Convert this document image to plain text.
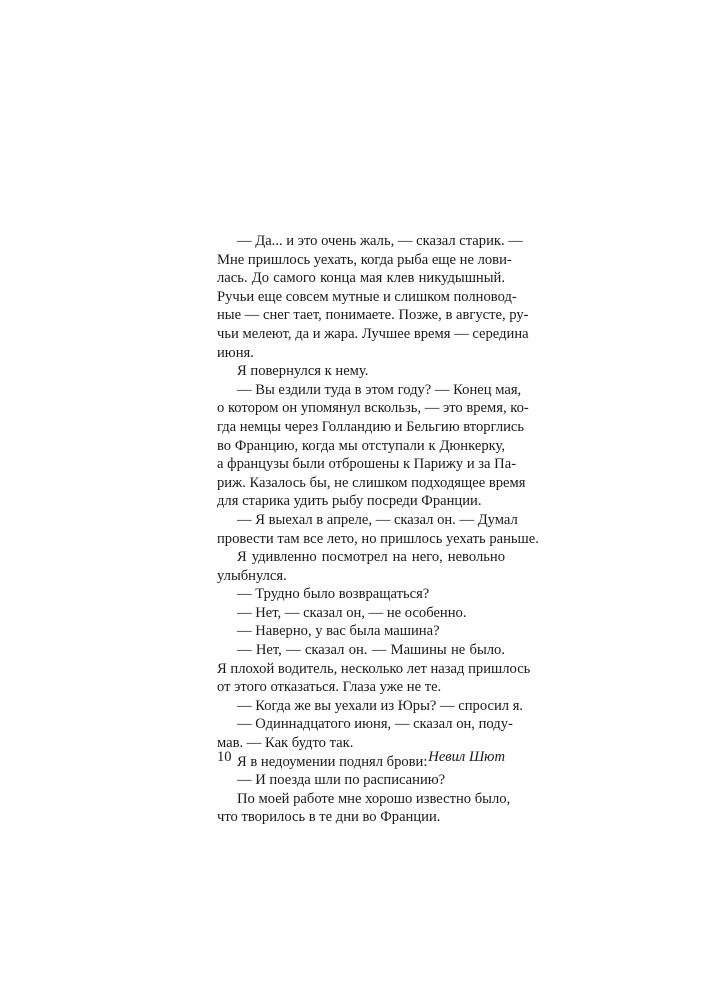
— Да... и это очень жаль, — сказал старик. —
Мне пришлось уехать, когда рыба еще не лови-
лась. До самого конца мая клев никудышный.
Ручьи еще совсем мутные и слишком полновод-
ные — снег тает, понимаете. Позже, в августе, ру-
чьи мелеют, да и жара. Лучшее время — середина
июня.
Я повернулся к нему.
— Вы ездили туда в этом году? — Конец мая,
о котором он упомянул вскользь, — это время, ко-
гда немцы через Голландию и Бельгию вторглись
во Францию, когда мы отступали к Дюнкерку,
а французы были отброшены к Парижу и за Па-
риж. Казалось бы, не слишком подходящее время
для старика удить рыбу посреди Франции.
— Я выехал в апреле, — сказал он. — Думал
провести там все лето, но пришлось уехать раньше.
Я удивленно посмотрел на него, невольно
улыбнулся.
— Трудно было возвращаться?
— Нет, — сказал он, — не особенно.
— Наверно, у вас была машина?
— Нет, — сказал он. — Машины не было.
Я плохой водитель, несколько лет назад пришлось
от этого отказаться. Глаза уже не те.
— Когда же вы уехали из Юры? — спросил я.
— Одиннадцатого июня, — сказал он, поду-
мав. — Как будто так.
Я в недоумении поднял брови:
— И поезда шли по расписанию?
По моей работе мне хорошо известно было,
что творилось в те дни во Франции.
10	Невил Шют
